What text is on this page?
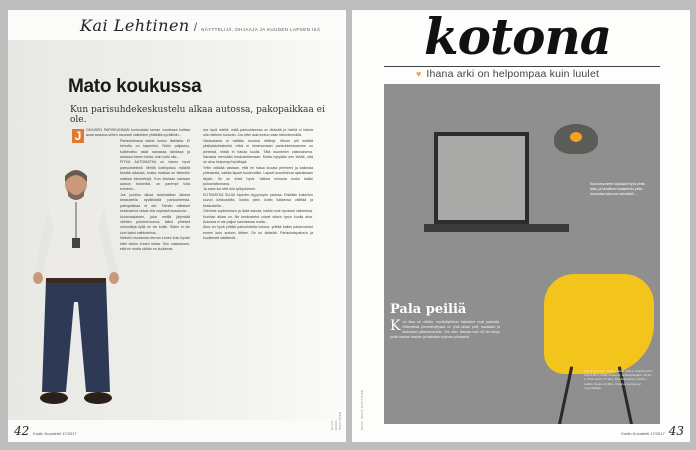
Kai Lehtinen / NÄYTTELIJÄ, OHJAAJA JA KUUDEN LAPSEN ISÄ
Mato koukussa

Kun parisuhdekeskustelu alkaa autossa, pakopaikkaa ei ole.

J	OKAISEN PARISKUNNAN konkurtaisi kerran vuodessa hoittaa asiat avautua siihen osuvasti vaikeiden yhtäkkiä syvällisiin...

Parisuhdeasia kaikki tuntuu liiallisilta. Ei kerrottu on tarpeeksi. Sekin paljastuu, kulkevatko asiat samassa tahdissa ja autossa toinen toista, kuin voisi olla...

PITKÄ AUTOMATKA on toinen hyvä parisuhdetesti. Meillä kotiinpaluu mökiltä kestää aikansa, koska matkaa on tietenkin matkaa kilometrejä. Kun istutaan samaan autoon tunneiksi, on parempi tulla toimeen...

Jos puoliso alkaa automatkan aikana keskustella syvällisistä parisuhteesta, pakopaikkaa ei ole. Tämän mittaiset keskustelut voivat olla nopeasti avautuvia...

Automaalainen, joka meillä järjestää vähiten puheenvuoroa, laittoi yhteisiä minuutteja kyllä ne vie kotiin. Sitten ei ole kuin kaksi vaihtoehtoa...

Nelisiin muutaman kerran ennen kuin hyvän ettei olekin ennen laitaa. Sen vastauksen, että en mutta vähän en kuulemat.

ma hyvä mieltä, mikä parisuhteessa on tärkeää ja mieltä ei haluta olla mieleen kuluvan. Jos ettei asia tuntuu vaan tärkeämmältä.

Vastauksesi ei millään muotoa riittänyt. Minun piti esittää yksityiskohtaisesti, mikä ei nimenomaan parisuhteessamme on pielessä, mistä ei haluta kuulla. Tätä kuuntelen vaitonaisena. Sanasta mennään keskustelemaan. Mutta nykyään sen tietää, että on aina helpompi hyväksyä.

Yritin väistää vastaan, että en halua kuvata perheeni ja kaikesta yhteisestä, vaikka lapset kuulevatkin. Lapset kuuntelevat ajatuksiaan täysin. Se on ehkä hyvä. Vaikka minusta tuntui kaikki puhumattomana.

Ja ease koi että olla työtyönimen.

KOTIMATKA SUJUI kiperien äyyynvyön parissa. Etsitään kuitenkin sovun keskustella, koska pieni kotiin tultaessa välittää ja keskustella...

Olemme sopimuksen ja lisää samaa, kaikki ovat hyvässä vaiheessa. Kunhan aikaa on. Ne keskustelut voivat oikein hyvin kuulla aina. Autossa ei ole paljon sanottavaa mutta...

Aina on hyvä yrittää parisuhdetta kotona, yrittää kaikki parannukset ennen kuin autoon lähtee. Se on tärkeää. Parisuhdepalvelu ja kuolleesta säätämät...

KUVA: MIIKA PIRTTINEN
42 Kodin Kuvalehti 17/2017
kotona
♥ Ihana arki on helpompaa kuin luulet
Kasvohuoneen kaukaan hyvä pinta-alaa, ja tavallinen kaakeloitu pinta huonetaa kasvoon kaivakieli...
Pala peiliä

K un tilaa on vähän, monikäyttöiset kalusteet ovat parhaita. Kätevässä pienoishyllyssä on yhtä aikaa peili, naulakko ja laskutaso pikkutavaroille. Tee näin: Naulaa noin 40 cm levyn peilin laudan taakse ja katkaise sopivan pituiseksi.

Pieniä tavaroita: 15,90 e, Hairi 4,90 e, Kirjoitus tiili 2 Lips 6,90 e, Kesä, Aoishunt, Erikoistuotteita; 16,90 e, Pinta tiedot 17,90 e, Kirjoitusmainen 16,90 e, Hulttio; Saunan 8,90 e, Kirjoitus tuotteet eri myymälöistä.

KUVA: MIIKA PIRTTINEN
Kodin Kuvalehti 17/2017 43
